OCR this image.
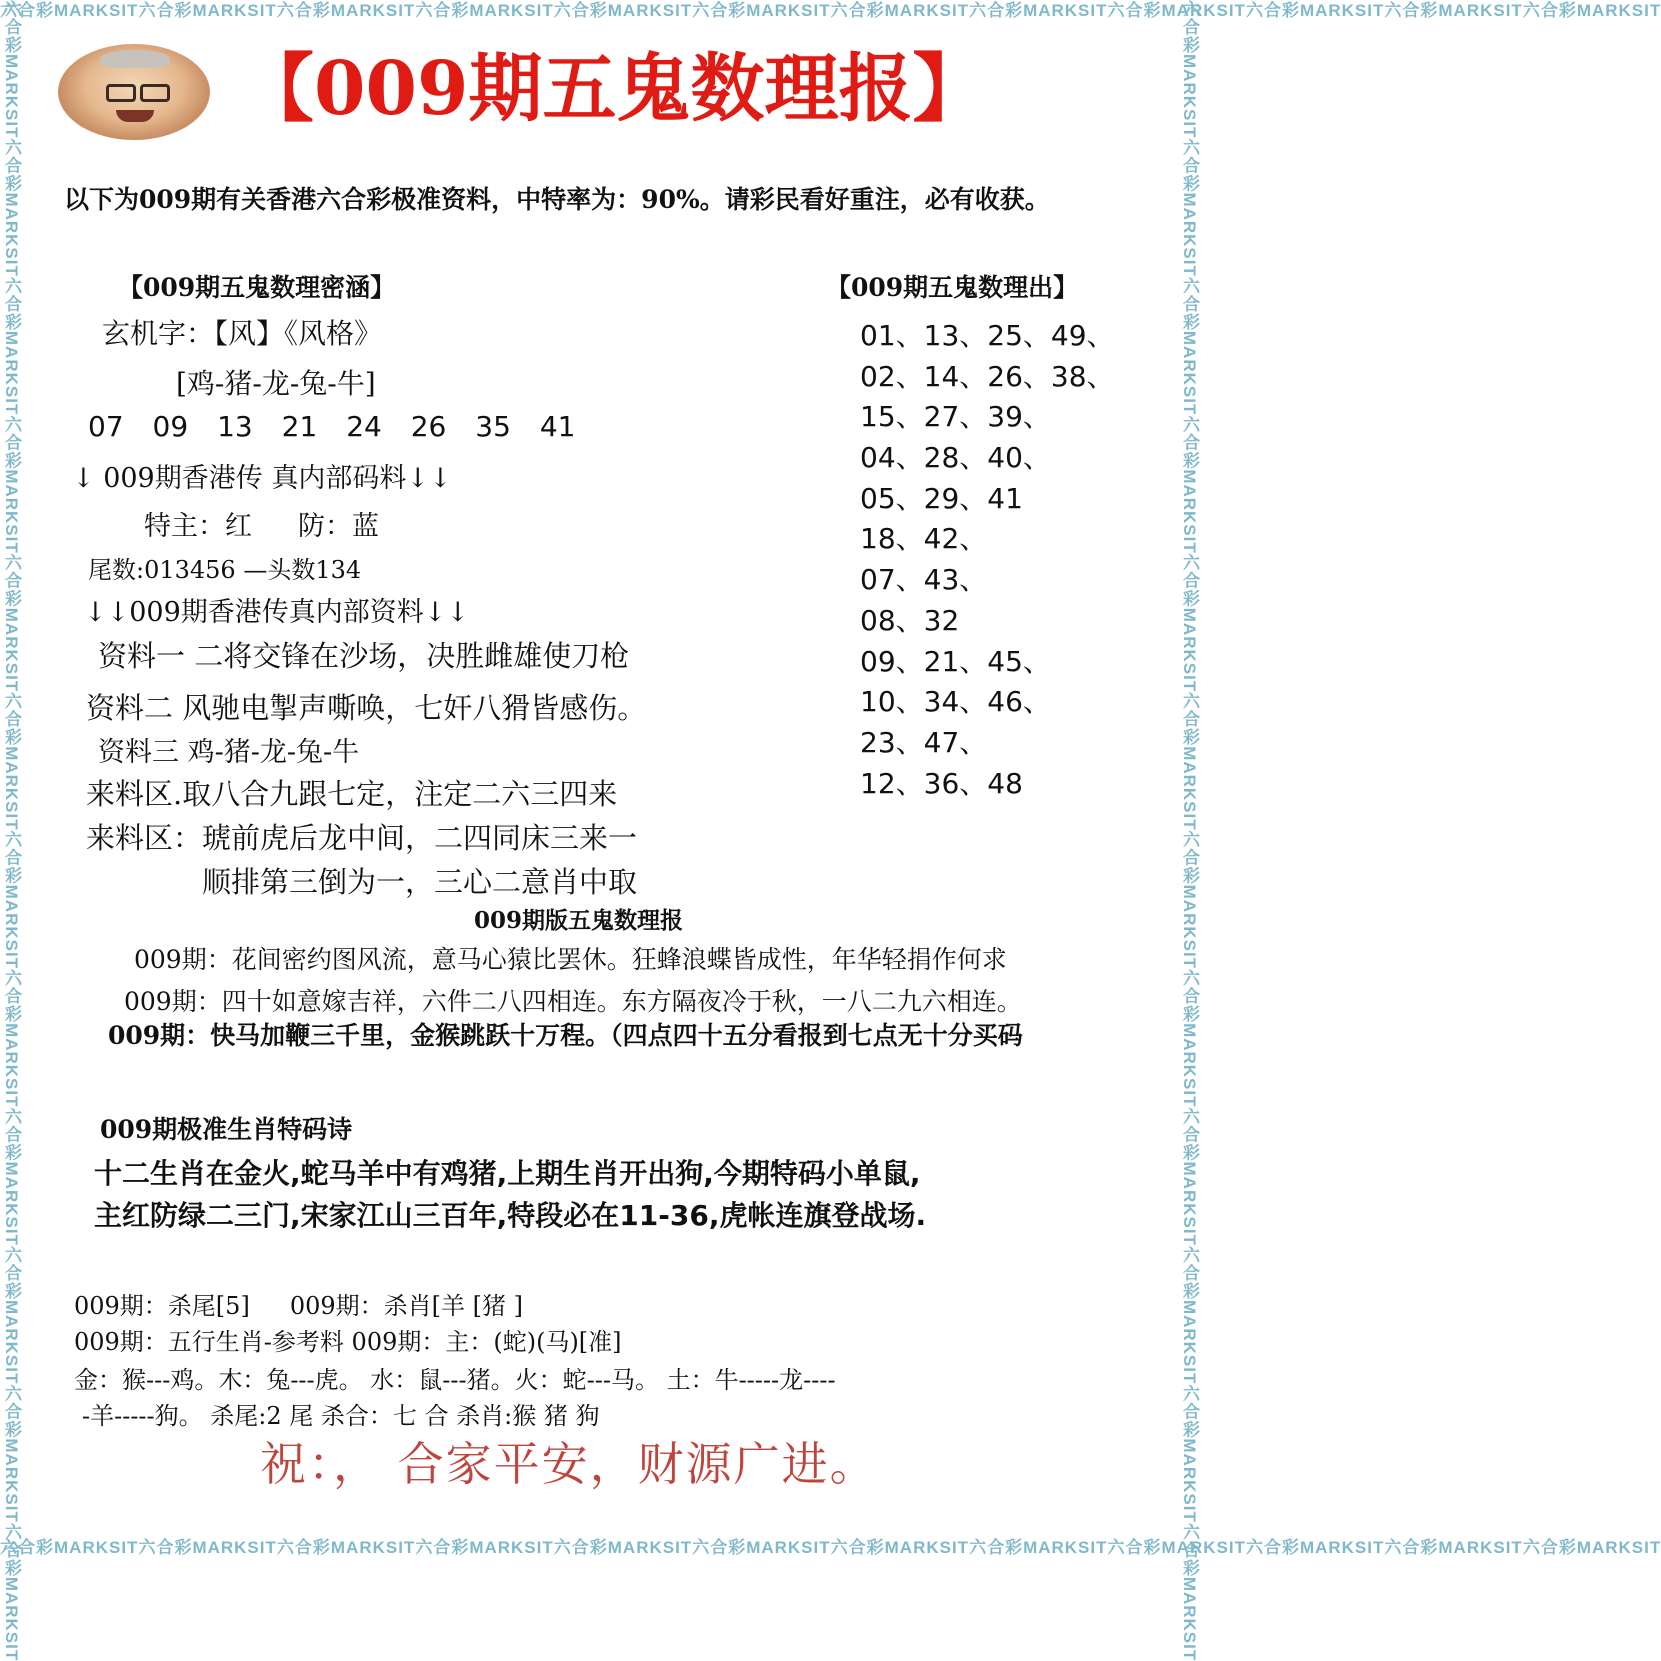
六合彩MARKSIT六合彩MARKSIT六合彩MARKSIT六合彩MARKSIT六合彩MARKSIT六合彩MARKSIT六合彩MARKSIT六合彩MARKSIT六合彩MARKSIT六合彩MARKSIT六合彩MARKSIT六合彩MARKSIT
六合彩MARKSIT六合彩MARKSIT六合彩MARKSIT六合彩MARKSIT六合彩MARKSIT六合彩MARKSIT六合彩MARKSIT六合彩MARKSIT六合彩MARKSIT六合彩MARKSIT六合彩MARKSIT六合彩MARKSIT
六合彩MARKSIT六合彩MARKSIT六合彩MARKSIT六合彩MARKSIT六合彩MARKSIT六合彩MARKSIT六合彩MARKSIT六合彩MARKSIT六合彩MARKSIT六合彩MARKSIT六合彩MARKSIT六合彩MARKSIT	六合彩MARKSIT六合彩MARKSIT六合彩MARKSIT六合彩MARKSIT六合彩MARKSIT六合彩MARKSIT六合彩MARKSIT六合彩MARKSIT六合彩MARKSIT六合彩MARKSIT六合彩MARKSIT六合彩MARKSIT
【009期五鬼数理报】
以下为009期有关香港六合彩极准资料，中特率为：90%。请彩民看好重注，必有收获。
【009期五鬼数理密涵】	【009期五鬼数理出】
玄机字：【风】《风格》
[鸡-猪-龙-兔-牛]
07 09 13 21 24 26 35 41
↓ 009期香港传 真内部码料↓↓
特主：红 防：蓝
尾数:013456 —头数134
↓↓009期香港传真内部资料↓↓
资料一 二将交锋在沙场，决胜雌雄使刀枪
资料二 风驰电掣声嘶唤，七奸八猾皆感伤。
资料三 鸡-猪-龙-兔-牛
来料区.取八合九跟七定，注定二六三四来
来料区：琥前虎后龙中间，二四同床三来一
顺排第三倒为一，三心二意肖中取
01、13、25、49、
02、14、26、38、
15、27、39、
04、28、40、
05、29、41
18、42、
07、43、
08、32
09、21、45、
10、34、46、
23、47、
12、36、48
009期版五鬼数理报
009期：花间密约图风流，意马心猿比罢休。狂蜂浪蝶皆成性，年华轻捐作何求
009期：四十如意嫁吉祥，六件二八四相连。东方隔夜冷于秋，一八二九六相连。
009期：快马加鞭三千里，金猴跳跃十万程。（四点四十五分看报到七点无十分买码
009期极准生肖特码诗
十二生肖在金火,蛇马羊中有鸡猪,上期生肖开出狗,今期特码小单鼠,
主红防绿二三门,宋家江山三百年,特段必在11-36,虎帐连旗登战场.
009期：杀尾[5] 009期：杀肖[羊 [猪 ]
009期：五行生肖-参考料 009期：主：(蛇)(马)[准]
金：猴---鸡。木：兔---虎。 水：鼠---猪。火：蛇---马。 土：牛-----龙----
-羊-----狗。 杀尾:2 尾 杀合：七 合 杀肖:猴 猪 狗
祝：， 合家平安，财源广进。
